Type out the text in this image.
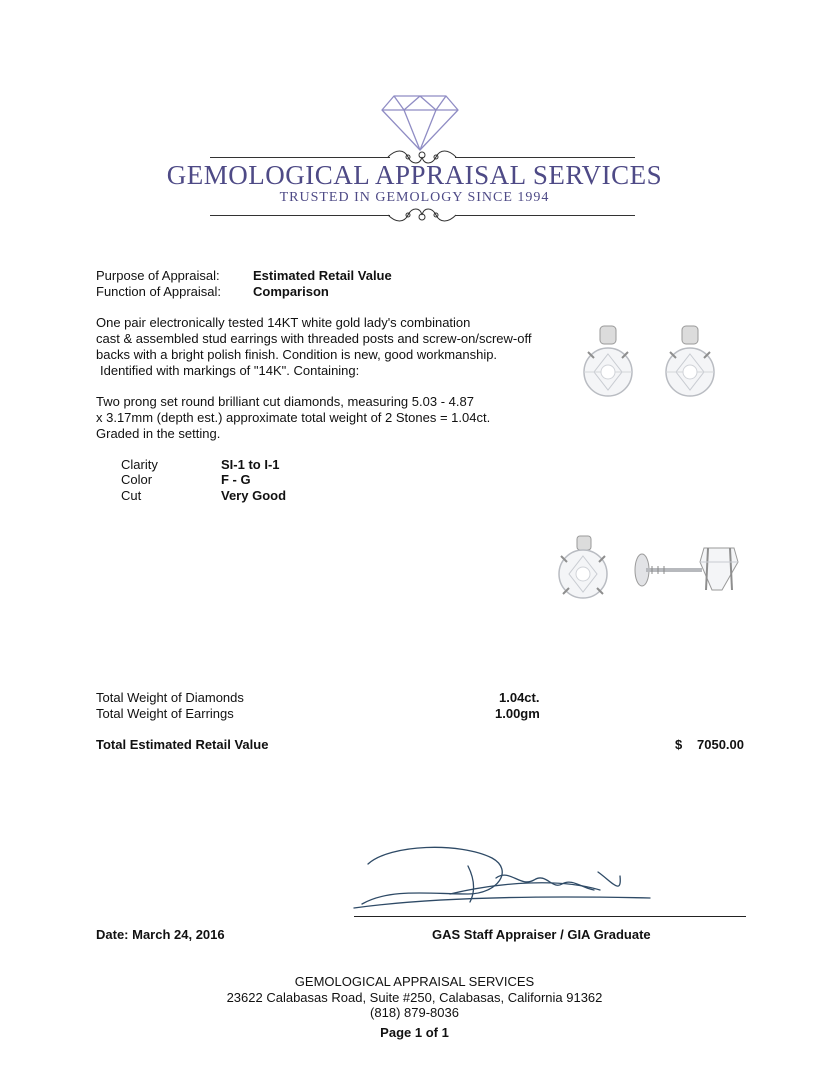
GEMOLOGICAL APPRAISAL SERVICES
TRUSTED IN GEMOLOGY SINCE 1994
Purpose of Appraisal:	Estimated Retail Value
Function of Appraisal: Comparison
One pair electronically tested 14KT white gold lady's combination
cast & assembled stud earrings with threaded posts and screw-on/screw-off
backs with a bright polish finish. Condition is new, good workmanship.
Identified with markings of "14K". Containing:
Two prong set round brilliant cut diamonds, measuring 5.03 - 4.87
x 3.17mm (depth est.) approximate total weight of 2 Stones = 1.04ct.
Graded in the setting.
Clarity	SI-1 to I-1
Color	F - G
Cut	Very Good
Total Weight of Diamonds	1.04ct.
Total Weight of Earrings	1.00gm
Total Estimated Retail Value	$ 7050.00
Date: March 24, 2016	GAS Staff Appraiser / GIA Graduate
GEMOLOGICAL APPRAISAL SERVICES
23622 Calabasas Road, Suite #250, Calabasas, California 91362
(818) 879-8036
Page 1 of 1
